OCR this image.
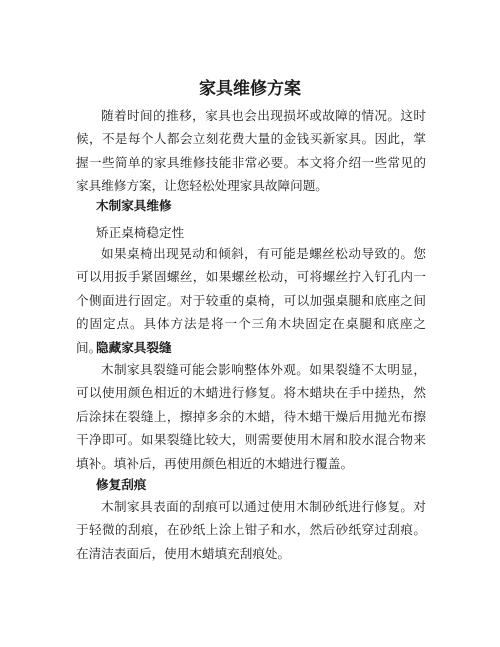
家具维修方案
随着时间的推移，家具也会出现损坏或故障的情况。这时候，不是每个人都会立刻花费大量的金钱买新家具。因此，掌握一些简单的家具维修技能非常必要。本文将介绍一些常见的家具维修方案，让您轻松处理家具故障问题。
木制家具维修
矫正桌椅稳定性
如果桌椅出现晃动和倾斜，有可能是螺丝松动导致的。您可以用扳手紧固螺丝，如果螺丝松动，可将螺丝拧入钉孔内一个侧面进行固定。对于较重的桌椅，可以加强桌腿和底座之间的固定点。具体方法是将一个三角木块固定在桌腿和底座之间。
隐藏家具裂缝
木制家具裂缝可能会影响整体外观。如果裂缝不太明显，可以使用颜色相近的木蜡进行修复。将木蜡块在手中搓热，然后涂抹在裂缝上，擦掉多余的木蜡，待木蜡干燥后用抛光布擦干净即可。如果裂缝比较大，则需要使用木屑和胶水混合物来填补。填补后，再使用颜色相近的木蜡进行覆盖。
修复刮痕
木制家具表面的刮痕可以通过使用木制砂纸进行修复。对于轻微的刮痕，在砂纸上涂上钳子和水，然后砂纸穿过刮痕。在清洁表面后，使用木蜡填充刮痕处。
